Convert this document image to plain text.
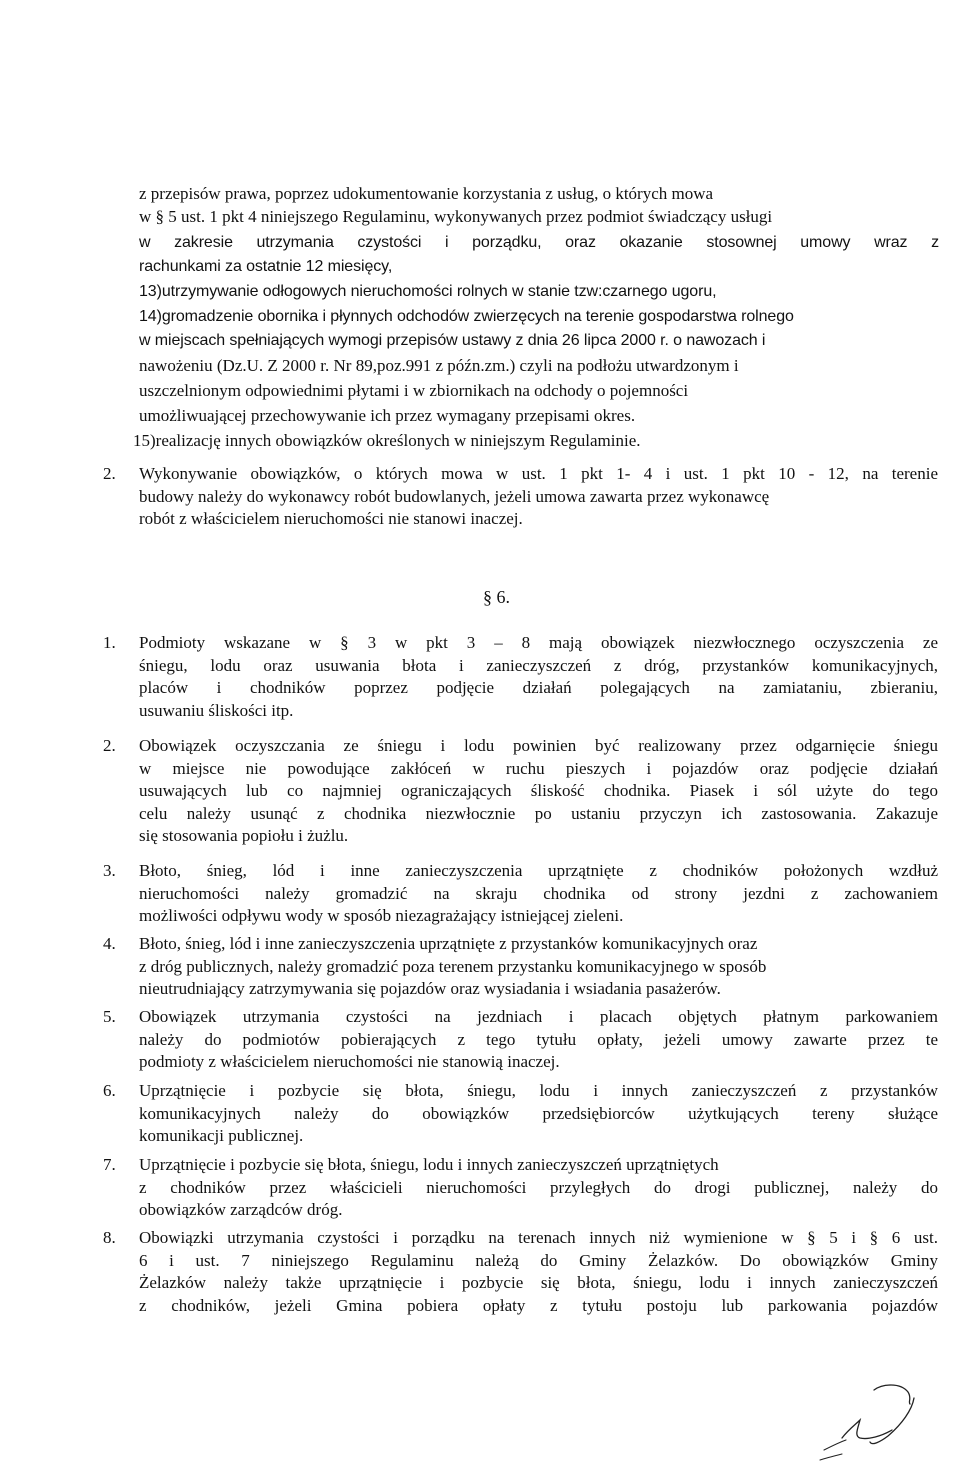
z przepisów prawa, poprzez udokumentowanie korzystania z usług, o których mowa
w § 5 ust. 1 pkt 4 niniejszego Regulaminu, wykonywanych przez podmiot świadczący usługi
w zakresie utrzymania czystości i porządku, oraz okazanie stosownej umowy wraz z
rachunkami za ostatnie 12 miesięcy,
13)utrzymywanie odłogowych nieruchomości rolnych w stanie tzw:czarnego ugoru,
14)gromadzenie obornika i płynnych odchodów zwierzęcych na terenie gospodarstwa rolnego
w miejscach spełniających wymogi przepisów ustawy z dnia 26 lipca 2000 r. o nawozach i
nawożeniu (Dz.U. Z 2000 r. Nr 89,poz.991 z późn.zm.) czyli na podłożu utwardzonym i
uszczelnionym odpowiednimi płytami i w zbiornikach na odchody o pojemności
umożliwuającej przechowywanie ich przez wymagany przepisami okres.
15)realizację innych obowiązków określonych w niniejszym Regulaminie.
2.	Wykonywanie obowiązków, o których mowa w ust. 1 pkt 1- 4 i ust. 1 pkt 10 - 12, na terenie
budowy należy do wykonawcy robót budowlanych, jeżeli umowa zawarta przez wykonawcę
robót z właścicielem nieruchomości nie stanowi inaczej.
§ 6.
1.	Podmioty wskazane w § 3 w pkt 3 – 8 mają obowiązek niezwłocznego oczyszczenia ze
śniegu, lodu oraz usuwania błota i zanieczyszczeń z dróg, przystanków komunikacyjnych,
placów i chodników poprzez podjęcie działań polegających na zamiataniu, zbieraniu,
usuwaniu śliskości itp.
2.	Obowiązek oczyszczania ze śniegu i lodu powinien być realizowany przez odgarnięcie śniegu
w miejsce nie powodujące zakłóceń w ruchu pieszych i pojazdów oraz podjęcie działań
usuwających lub co najmniej ograniczających śliskość chodnika. Piasek i sól użyte do tego
celu należy usunąć z chodnika niezwłocznie po ustaniu przyczyn ich zastosowania. Zakazuje
się stosowania popiołu i żużlu.
3.	Błoto, śnieg, lód i inne zanieczyszczenia uprzątnięte z chodników położonych wzdłuż
nieruchomości należy gromadzić na skraju chodnika od strony jezdni z zachowaniem
możliwości odpływu wody w sposób niezagrażający istniejącej zieleni.
4.	Błoto, śnieg, lód i inne zanieczyszczenia uprzątnięte z przystanków komunikacyjnych oraz
z dróg publicznych, należy gromadzić poza terenem przystanku komunikacyjnego w sposób
nieutrudniający zatrzymywania się pojazdów oraz wysiadania i wsiadania pasażerów.
5.	Obowiązek utrzymania czystości na jezdniach i placach objętych płatnym parkowaniem
należy do podmiotów pobierających z tego tytułu opłaty, jeżeli umowy zawarte przez te
podmioty z właścicielem nieruchomości nie stanowią inaczej.
6.	Uprzątnięcie i pozbycie się błota, śniegu, lodu i innych zanieczyszczeń z przystanków
komunikacyjnych należy do obowiązków przedsiębiorców użytkujących tereny służące
komunikacji publicznej.
7.	Uprzątnięcie i pozbycie się błota, śniegu, lodu i innych zanieczyszczeń uprzątniętych
z chodników przez właścicieli nieruchomości przyległych do drogi publicznej, należy do
obowiązków zarządców dróg.
8.	Obowiązki utrzymania czystości i porządku na terenach innych niż wymienione w § 5 i § 6 ust.
6 i ust. 7 niniejszego Regulaminu należą do Gminy Żelazków. Do obowiązków Gminy
Żelazków należy także uprzątnięcie i pozbycie się błota, śniegu, lodu i innych zanieczyszczeń
z chodników, jeżeli Gmina pobiera opłaty z tytułu postoju lub parkowania pojazdów
